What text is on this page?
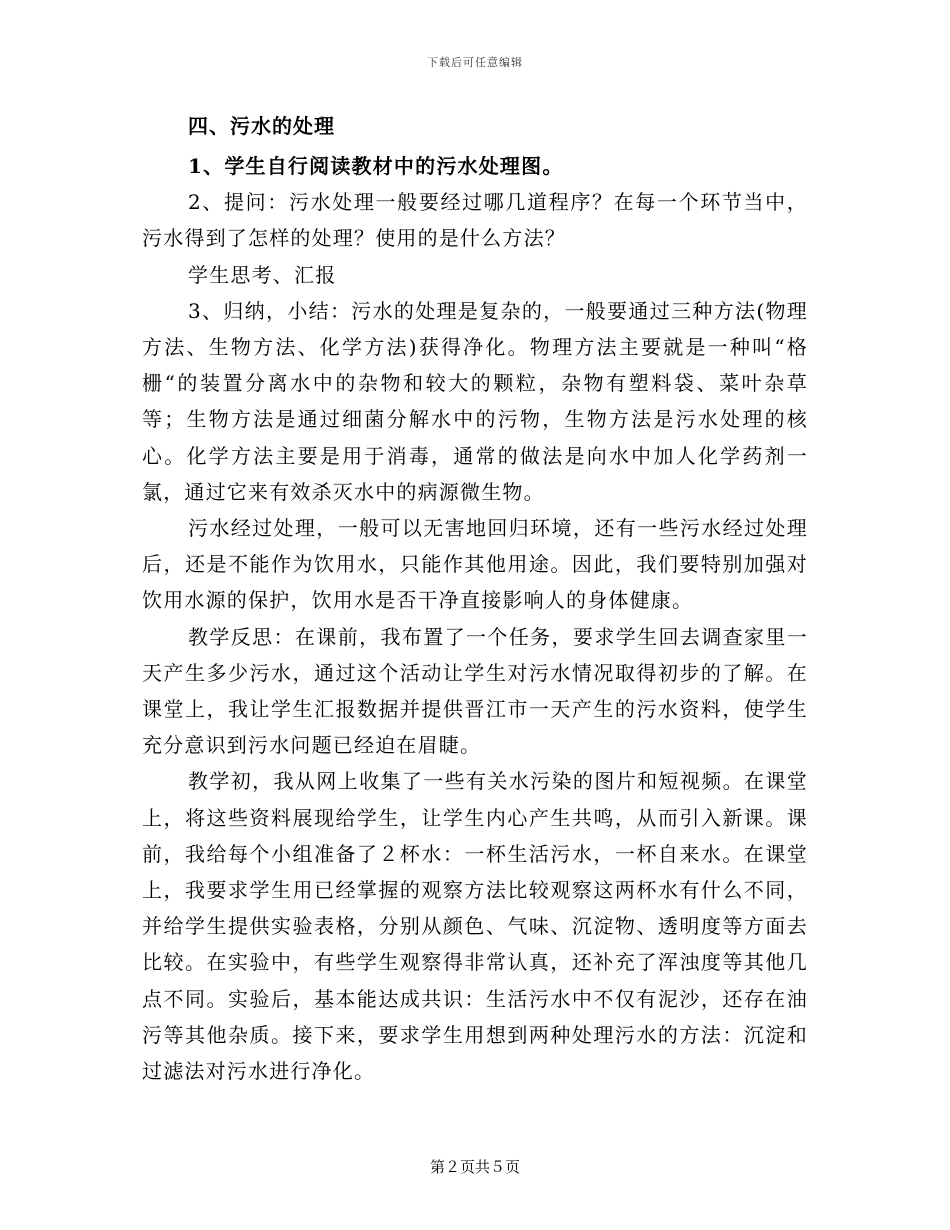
下载后可任意编辑
四、污水的处理

1、学生自行阅读教材中的污水处理图。

2、提问：污水处理一般要经过哪几道程序？在每一个环节当中，污水得到了怎样的处理？使用的是什么方法？

学生思考、汇报

3、归纳，小结：污水的处理是复杂的，一般要通过三种方法(物理方法、生物方法、化学方法)获得净化。物理方法主要就是一种叫“格栅“的装置分离水中的杂物和较大的颗粒，杂物有塑料袋、菜叶杂草等；生物方法是通过细菌分解水中的污物，生物方法是污水处理的核心。化学方法主要是用于消毒，通常的做法是向水中加人化学药剂一氯，通过它来有效杀灭水中的病源微生物。

污水经过处理，一般可以无害地回归环境，还有一些污水经过处理后，还是不能作为饮用水，只能作其他用途。因此，我们要特别加强对饮用水源的保护，饮用水是否干净直接影响人的身体健康。

教学反思：在课前，我布置了一个任务，要求学生回去调查家里一天产生多少污水，通过这个活动让学生对污水情况取得初步的了解。在课堂上，我让学生汇报数据并提供晋江市一天产生的污水资料，使学生充分意识到污水问题已经迫在眉睫。

教学初，我从网上收集了一些有关水污染的图片和短视频。在课堂上，将这些资料展现给学生，让学生内心产生共鸣，从而引入新课。课前，我给每个小组准备了２杯水：一杯生活污水，一杯自来水。在课堂上，我要求学生用已经掌握的观察方法比较观察这两杯水有什么不同，并给学生提供实验表格，分别从颜色、气味、沉淀物、透明度等方面去比较。在实验中，有些学生观察得非常认真，还补充了浑浊度等其他几点不同。实验后，基本能达成共识：生活污水中不仅有泥沙，还存在油污等其他杂质。接下来，要求学生用想到两种处理污水的方法：沉淀和过滤法对污水进行净化。

第２页共５页
